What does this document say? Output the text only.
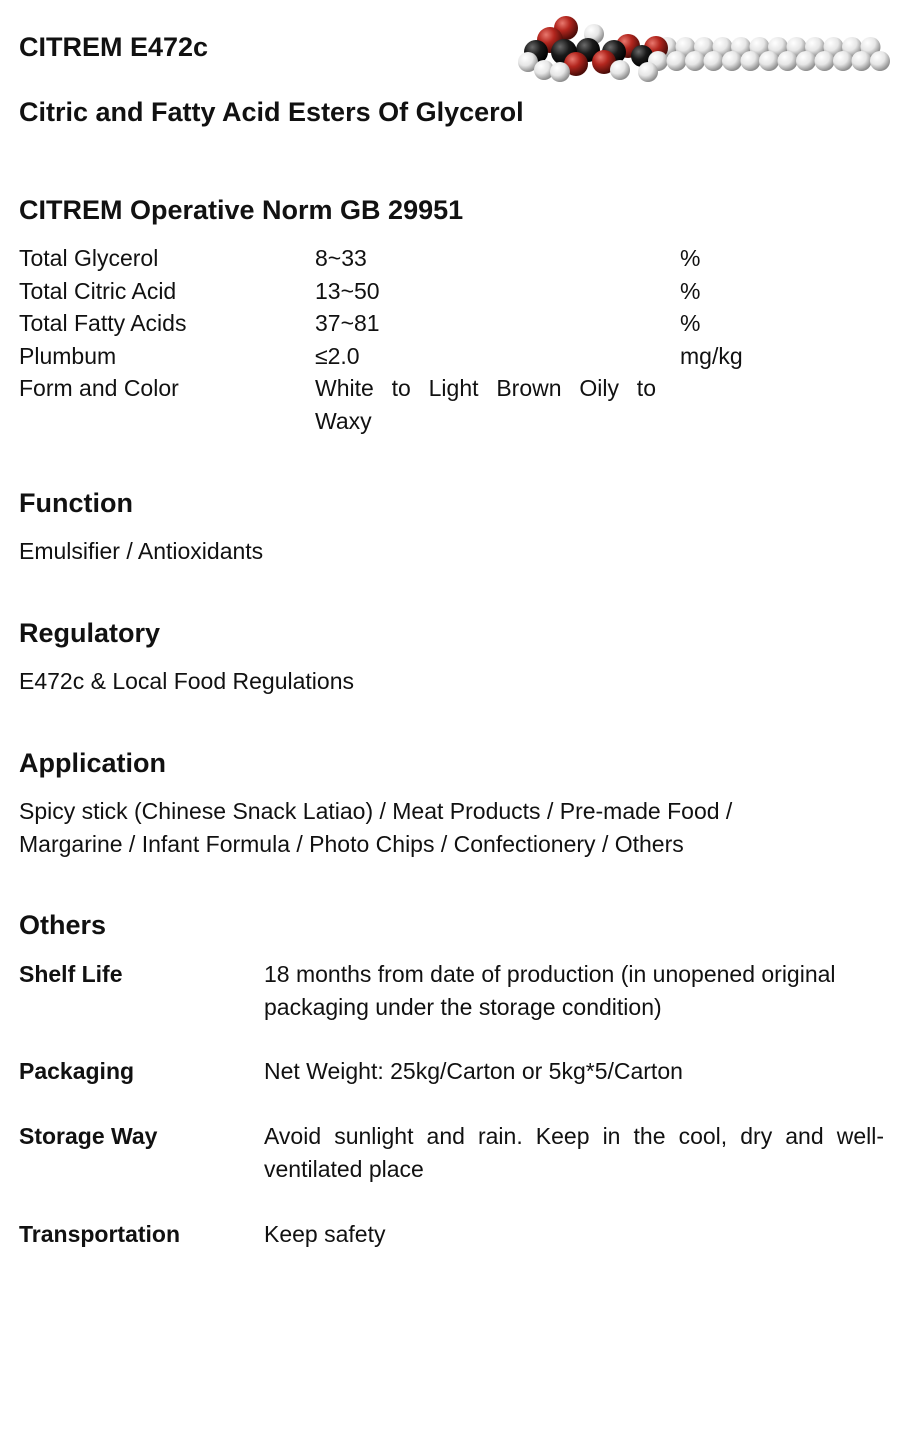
CITREM E472c
Citric and Fatty Acid Esters Of Glycerol
CITREM Operative Norm GB 29951
Total Glycerol	8~33	%
Total Citric Acid	13~50	%
Total Fatty Acids	37~81	%
Plumbum	≤2.0	mg/kg
Form and Color	White to Light Brown Oily to Waxy
Function
Emulsifier / Antioxidants
Regulatory
E472c & Local Food Regulations
Application
Spicy stick (Chinese Snack Latiao) / Meat Products / Pre-made Food / Margarine / Infant Formula / Photo Chips / Confectionery / Others
Others
Shelf Life	18 months from date of production (in unopened original packaging under the storage condition)
Packaging	Net Weight: 25kg/Carton or 5kg*5/Carton
Storage Way	Avoid sunlight and rain. Keep in the cool, dry and well-ventilated place
Transportation	Keep safety
